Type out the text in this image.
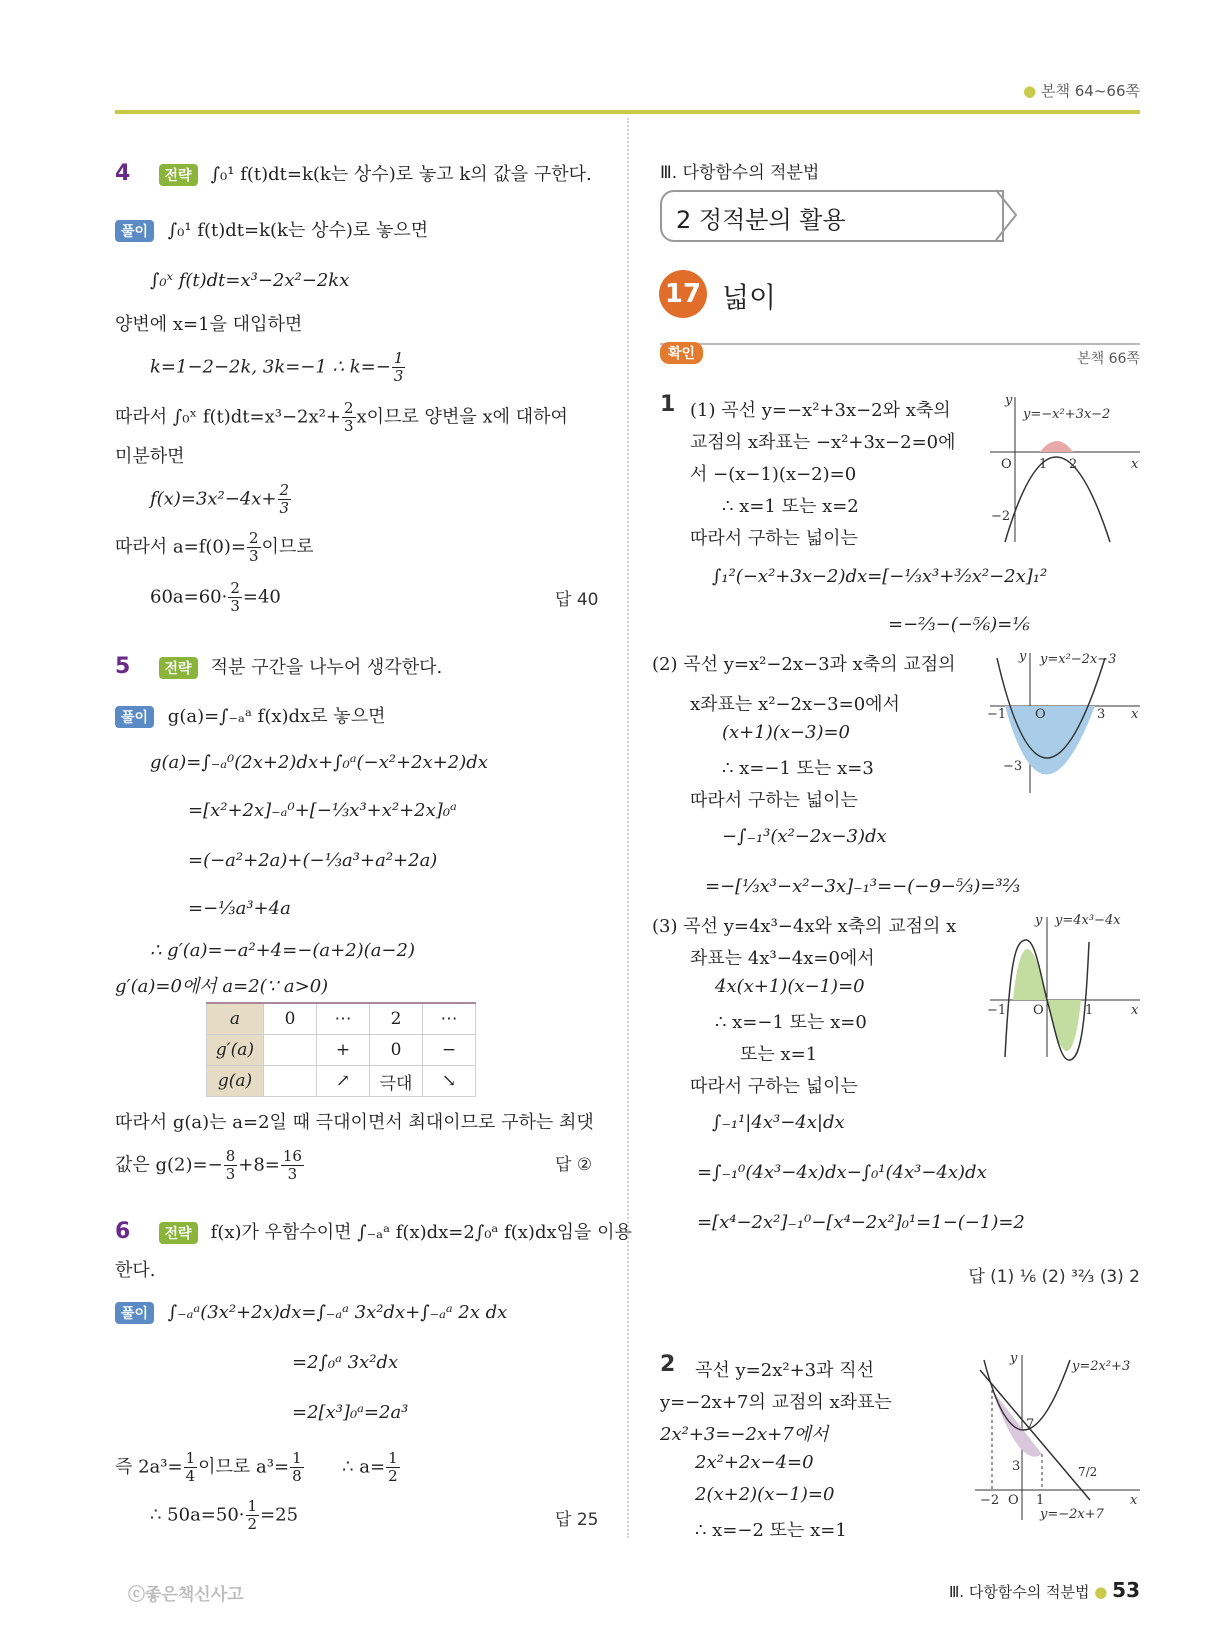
● 본책 64~66쪽
4 전략 ∫₀¹ f(t)dt=k(k는 상수)로 놓고 k의 값을 구한다.
풀이 ∫₀¹ f(t)dt=k(k는 상수)로 놓으면
∫₀ˣ f(t)dt=x³−2x²−2kx
양변에 x=1을 대입하면
k=1−2−2k, 3k=−1 ∴ $k=- \frac{1}{3}$
따라서 ∫₀ˣ $f(t)dt=x^3-2x^2+ \frac{2}{3}$ x이므로 양변을 x에 대하여
미분하면
$f(x)=3x^2-4x+ \frac{2}{3}$
따라서 $a=f(0)= \frac{2}{3}$ 이므로
$60a=60\cdot \frac{2}{3} =40$	답 40
5 전략 적분 구간을 나누어 생각한다.
풀이 g(a)=∫₋ₐᵃ f(x)dx로 놓으면
g(a)=∫₋ₐ⁰(2x+2)dx+∫₀ᵃ(−x²+2x+2)dx
=[x²+2x]₋ₐ⁰+[−⅓x³+x²+2x]₀ᵃ
=(−a²+2a)+(−⅓a³+a²+2a)
=−⅓a³+4a
∴ g′(a)=−a²+4=−(a+2)(a−2)
g′(a)=0에서 a=2(∵ a>0)
a	0	⋯	2	⋯
g′(a)		+	0	−
g(a)		↗	극대	↘
따라서 g(a)는 a=2일 때 극대이면서 최대이므로 구하는 최댓
값은 $g(2)=- \frac{8}{3} +8= \frac{16}{3}$	답 ②
6 전략 f(x)가 우함수이면 ∫₋ₐᵃ f(x)dx=2∫₀ᵃ f(x)dx임을 이용
한다.
풀이 ∫₋ₐᵃ(3x²+2x)dx=∫₋ₐᵃ 3x²dx+∫₋ₐᵃ 2x dx
=2∫₀ᵃ 3x²dx
=2[x³]₀ᵃ=2a³
즉 $2a^3= \frac{1}{4}$ 이므로 $a^3= \frac{1}{8}$ ∴ $a= \frac{1}{2}$
∴ $50a=50\cdot \frac{1}{2} =25$	답 25
Ⅲ. 다항함수의 적분법
2 정적분의 활용
17 넓이
확인	본책 66쪽
1 (1) 곡선 y=−x²+3x−2와 x축의
교점의 x좌표는 −x²+3x−2=0에
서 −(x−1)(x−2)=0
∴ x=1 또는 x=2
따라서 구하는 넓이는
∫₁²(−x²+3x−2)dx=[−⅓x³+³⁄₂x²−2x]₁²
=−⅔−(−⅚)=⅙
y=−x²+3x−2
O 1 2	x
y
−2
(2) 곡선 y=x²−2x−3과 x축의 교점의
x좌표는 x²−2x−3=0에서
(x+1)(x−3)=0
∴ x=−1 또는 x=3
따라서 구하는 넓이는
−∫₋₁³(x²−2x−3)dx
=−[⅓x³−x²−3x]₋₁³=−(−9−⁵⁄₃)=³²⁄₃
y=x²−2x−3
−1 O	3 x
y
−3
(3) 곡선 y=4x³−4x와 x축의 교점의 x
좌표는 4x³−4x=0에서
4x(x+1)(x−1)=0
∴ x=−1 또는 x=0
또는 x=1
따라서 구하는 넓이는
∫₋₁¹|4x³−4x|dx
=∫₋₁⁰(4x³−4x)dx−∫₀¹(4x³−4x)dx
=[x⁴−2x²]₋₁⁰−[x⁴−2x²]₀¹=1−(−1)=2
y=4x³−4x
−1 O	1	x
y
답 (1) ⅙ (2) ³²⁄₃ (3) 2
2 곡선 y=2x²+3과 직선
y=−2x+7의 교점의 x좌표는
2x²+3=−2x+7에서
2x²+2x−4=0
2(x+2)(x−1)=0
∴ x=−2 또는 x=1
y=2x²+3
y=−2x+7
−2 O 1	x
y
3
7
7/2
ⓒ좋은책신사고	Ⅲ. 다항함수의 적분법 ● 53
